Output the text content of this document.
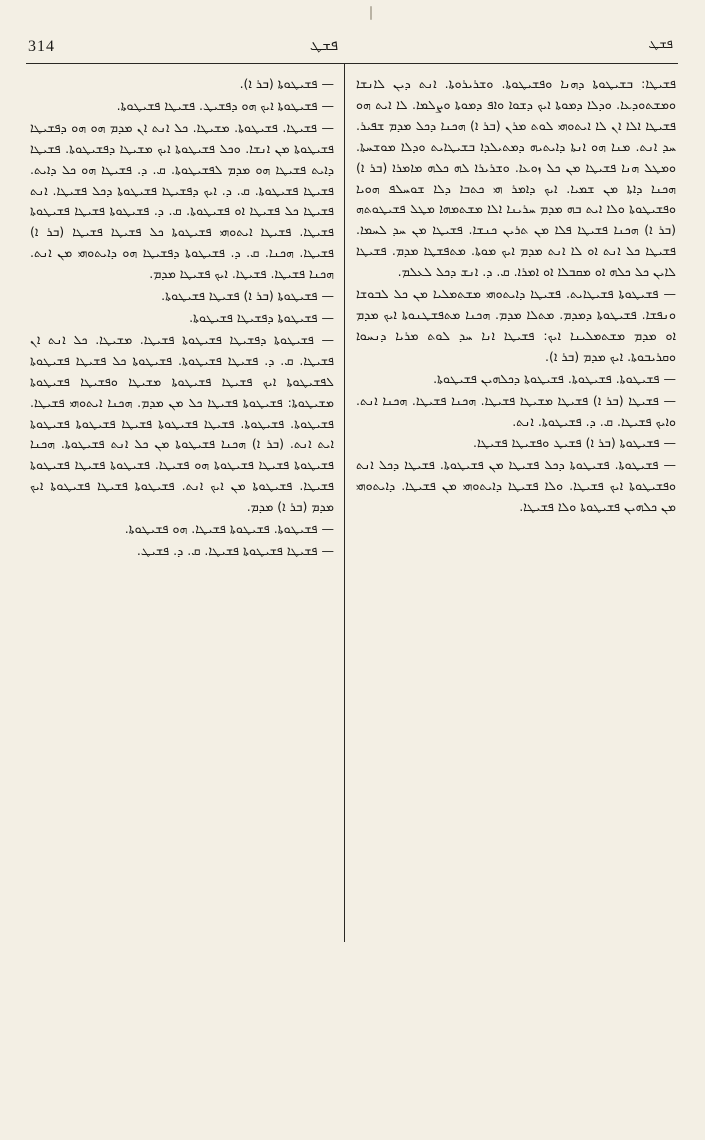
314	ܦܫܛ	ܦܫܛ

ܦܫܝܛܐ: ܒܫܝܛܘܬܐ ܕܗܢܐ ܘܦܫܝܛܘܬܐ. ܘܫܪܝܪܘܬܐ. ܐܢܬ ܕܝܢ ܠܐܢܫܐ ܘܡܫܬܘܕܥܐ. ܘܕܠܐ ܕܡܘܬܐ ܐܝܟ ܕܫܘܐ ܘܐܦ ܕܡܘܬܐ ܘܨܠܡܐ. ܠܐ ܐܝܬ ܗܘ ܦܫܝܛܐ ܐܠܐ ܐܢ ܠܐ ܐܝܬܘܗܝ ܠܘܬ ܡܪܢ (ܒܪ ܐ) ܗܟܢܐ ܕܟܠ ܡܕܡ ܫܦܝܪ. ܚܕ ܐܢܬ. ܡܢܐ ܗܘ ܐܢܬܐ ܕܐܝܬܝܗ ܕܡܬܝܠܕܐ ܒܫܝܛܐܝܬ ܘܕܠܐ ܡܘܫܚܬܐ. ܘܡܛܠ ܗܢܐ ܦܫܝܛܐ ܡܢ ܟܠ ܙܘܥܐ. ܘܫܪܝܪܐ ܠܗ ܟܠܗ ܡܐܡܪܐ (ܒܪ ܐ) ܗܟܢܐ ܕܐܬܐ ܡܢ ܫܡܝܐ. ܐܝܟ ܕܐܡܪ ܗܝ ܟܬܒܐ ܕܠܐ ܫܘܚܠܦ ܗܘܝܐ ܘܦܫܝܛܘܬܐ ܘܠܐ ܐܝܬ ܒܗ ܡܕܡ ܚܪܝܢܐ ܐܠܐ ܡܫܬܡܗܐ ܡܛܠ ܦܫܝܛܘܬܗ (ܒܪ ܐ) ܗܟܢܐ ܦܫܝܛܐ ܦܠܐ ܡܢ ܬܪܝܢ ܟܢܫܐ. ܦܫܝܛܐ ܡܢ ܚܕ ܠܚܡܐ. ܦܫܝܛܐ ܟܠ ܐܢܬ ܐܘ ܠܐ ܐܢܬ ܡܕܡ ܐܝܟ ܡܘܬܐ. ܡܬܦܫܛܐ ܡܕܡ. ܦܫܝܛܐ ܠܐܝܢ ܟܠ ܟܠܗ ܐܘ ܡܩܒܠܐ ܐܘ ܐܡܪܐ. ܩ. ܕ. ܐܢܫ ܕܟܠ ܠܥܠܡ.

— ܦܫܝܛܘܬܐ ܦܫܝܛܐܝܬ. ܦܫܝܛܐ ܕܐܝܬܘܗܝ ܡܫܬܡܠܝܐ ܡܢ ܟܠ ܠܒܘܫܐ ܘܢܦܫܐ. ܦܫܝܛܘܬܐ ܕܡܕܡ. ܡܬܠܐ ܡܕܡ. ܗܟܢܐ ܡܬܦܫܛܢܘܬܐ ܐܝܟ ܡܕܡ ܐܘ ܡܕܡ ܡܫܬܡܠܝܢܐ ܐܝܟ: ܦܫܝܛܐ ܐܢܐ ܚܕ ܠܘܬ ܡܪܝܐ ܕܢܚܘܐ ܘܩܪܝܒܘܬܐ. ܐܝܟ ܡܕܡ (ܒܪ ܐ).

— ܦܫܝܛܘܬܐ. ܦܫܝܛܘܬܐ. ܦܫܝܛܘܬܐ ܕܟܠܗܝܢ ܦܫܝܛܘܬܐ.

— ܦܫܝܛܐ (ܒܪ ܐ) ܦܫܝܛܐ ܡܫܝܛܐ ܦܫܝܛܐ. ܗܟܢܐ ܦܫܝܛܐ. ܗܟܢܐ ܐܢܬ. ܘܐܝܟ ܦܫܝܛܐ. ܩ. ܕ. ܦܫܝܛܘܬܐ. ܐܢܬ.

— ܦܫܝܛܘܬܐ (ܒܪ ܐ) ܦܫܝܛ ܘܦܫܝܛܐ ܦܫܝܛܐ.

— ܦܫܝܛܘܬܐ. ܦܫܝܛܘܬܐ ܕܟܠ ܦܫܝܛܐ ܡܢ ܦܫܝܛܘܬܐ. ܦܫܝܛܐ ܕܟܠ ܐܢܬ ܘܦܫܝܛܘܬܐ ܐܝܟ ܦܫܝܛܐ. ܘܠܐ ܦܫܝܛܐ ܕܐܝܬܘܗܝ ܡܢ ܦܫܝܛܐ. ܕܐܝܬܘܗܝ ܡܢ ܟܠܗܝܢ ܦܫܝܛܘܬܐ ܘܠܐ ܦܫܝܛܐ.

— ܦܫܝܛܘܬܐ (ܒܪ ܐ).

— ܦܫܝܛܘܬܐ ܐܝܟ ܗܘ ܕܦܫܝܛ. ܦܫܝܛܐ ܦܫܝܛܘܬܐ.

— ܦܫܝܛܐ. ܦܫܝܛܘܬܐ. ܡܫܝܛܐ. ܟܠ ܐܢܬ ܐܢ ܡܕܡ ܗܘ ܗܘ ܕܦܫܝܛܐ ܦܫܝܛܘܬܐ ܡܢ ܐܢܫܐ. ܘܟܠ ܦܫܝܛܘܬܐ ܐܝܟ ܡܫܝܛܐ ܕܦܫܝܛܘܬܐ. ܦܫܝܛܐ ܕܐܝܬ ܦܫܝܛܐ ܗܘ ܡܕܡ ܠܦܫܝܛܘܬܐ. ܩ. ܕ. ܦܫܝܛܐ ܗܘ ܟܠ ܕܐܝܬ. ܦܫܝܛܐ ܦܫܝܛܘܬܐ. ܩ. ܕ. ܐܝܟ ܕܦܫܝܛܐ ܦܫܝܛܘܬܐ ܕܟܠ ܦܫܝܛܐ. ܐܢܬ ܦܫܝܛܐ ܟܠ ܦܫܝܛܐ ܐܘ ܦܫܝܛܘܬܐ. ܩ. ܕ. ܦܫܝܛܘܬܐ ܦܫܝܛܐ ܦܫܝܛܘܬܐ ܦܫܝܛܐ. ܦܫܝܛܐ ܐܝܬܘܗܝ ܦܫܝܛܘܬܐ ܟܠ ܦܫܝܛܐ ܦܫܝܛܐ (ܒܪ ܐ) ܦܫܝܛܐ. ܗܟܢܐ. ܩ. ܕ. ܦܫܝܛܘܬܐ ܕܦܫܝܛܐ ܗܘ ܕܐܝܬܘܗܝ ܡܢ ܐܢܬ. ܗܟܢܐ ܦܫܝܛܐ. ܦܫܝܛܐ. ܐܝܟ ܦܫܝܛܐ ܡܕܡ.

— ܦܫܝܛܘܬܐ (ܒܪ ܐ) ܦܫܝܛܐ ܦܫܝܛܘܬܐ.

— ܦܫܝܛܘܬܐ ܕܦܫܝܛܐ ܦܫܝܛܘܬܐ.

— ܦܫܝܛܘܬܐ ܕܦܫܝܛܐ ܦܫܝܛܘܬܐ ܦܫܝܛܐ. ܡܫܝܛܐ. ܟܠ ܐܢܬ ܐܢ ܦܫܝܛܐ. ܩ. ܕ. ܦܫܝܛܐ ܦܫܝܛܘܬܐ. ܦܫܝܛܘܬܐ ܟܠ ܦܫܝܛܐ ܦܫܝܛܘܬܐ ܠܦܫܝܛܘܬܐ ܐܝܟ ܦܫܝܛܐ ܦܫܝܛܘܬܐ ܡܫܝܛܐ ܘܦܫܝܛܐ ܦܫܝܛܘܬܐ ܡܫܝܛܘܬܐ: ܦܫܝܛܘܬܐ ܦܫܝܛܐ ܟܠ ܡܢ ܡܕܡ. ܗܟܢܐ ܐܝܬܘܗܝ ܦܫܝܛܐ. ܦܫܝܛܘܬܐ. ܦܫܝܛܘܬܐ. ܦܫܝܛܐ ܦܫܝܛܘܬܐ ܦܫܝܛܐ ܦܫܝܛܘܬܐ ܦܫܝܛܘܬܐ ܐܝܬ ܐܢܬ. (ܒܪ ܐ) ܗܟܢܐ ܦܫܝܛܘܬܐ ܡܢ ܟܠ ܐܢܬ ܦܫܝܛܘܬܐ. ܗܟܢܐ ܦܫܝܛܘܬܐ ܦܫܝܛܐ ܦܫܝܛܘܬܐ ܗܘ ܦܫܝܛܐ. ܦܫܝܛܘܬܐ ܦܫܝܛܐ ܦܫܝܛܘܬܐ ܦܫܝܛܐ. ܦܫܝܛܘܬܐ ܡܢ ܐܝܟ ܐܢܬ. ܦܫܝܛܘܬܐ ܦܫܝܛܐ ܦܫܝܛܘܬܐ ܐܝܟ ܡܕܡ (ܒܪ ܐ) ܡܕܡ.

— ܦܫܝܛܘܬܐ. ܦܫܝܛܘܬܐ ܦܫܝܛܐ. ܗܘ ܦܫܝܛܘܬܐ.

— ܦܫܝܛܐ ܦܫܝܛܘܬܐ ܦܫܝܛܐ. ܩ. ܕ. ܦܫܝܛ.
